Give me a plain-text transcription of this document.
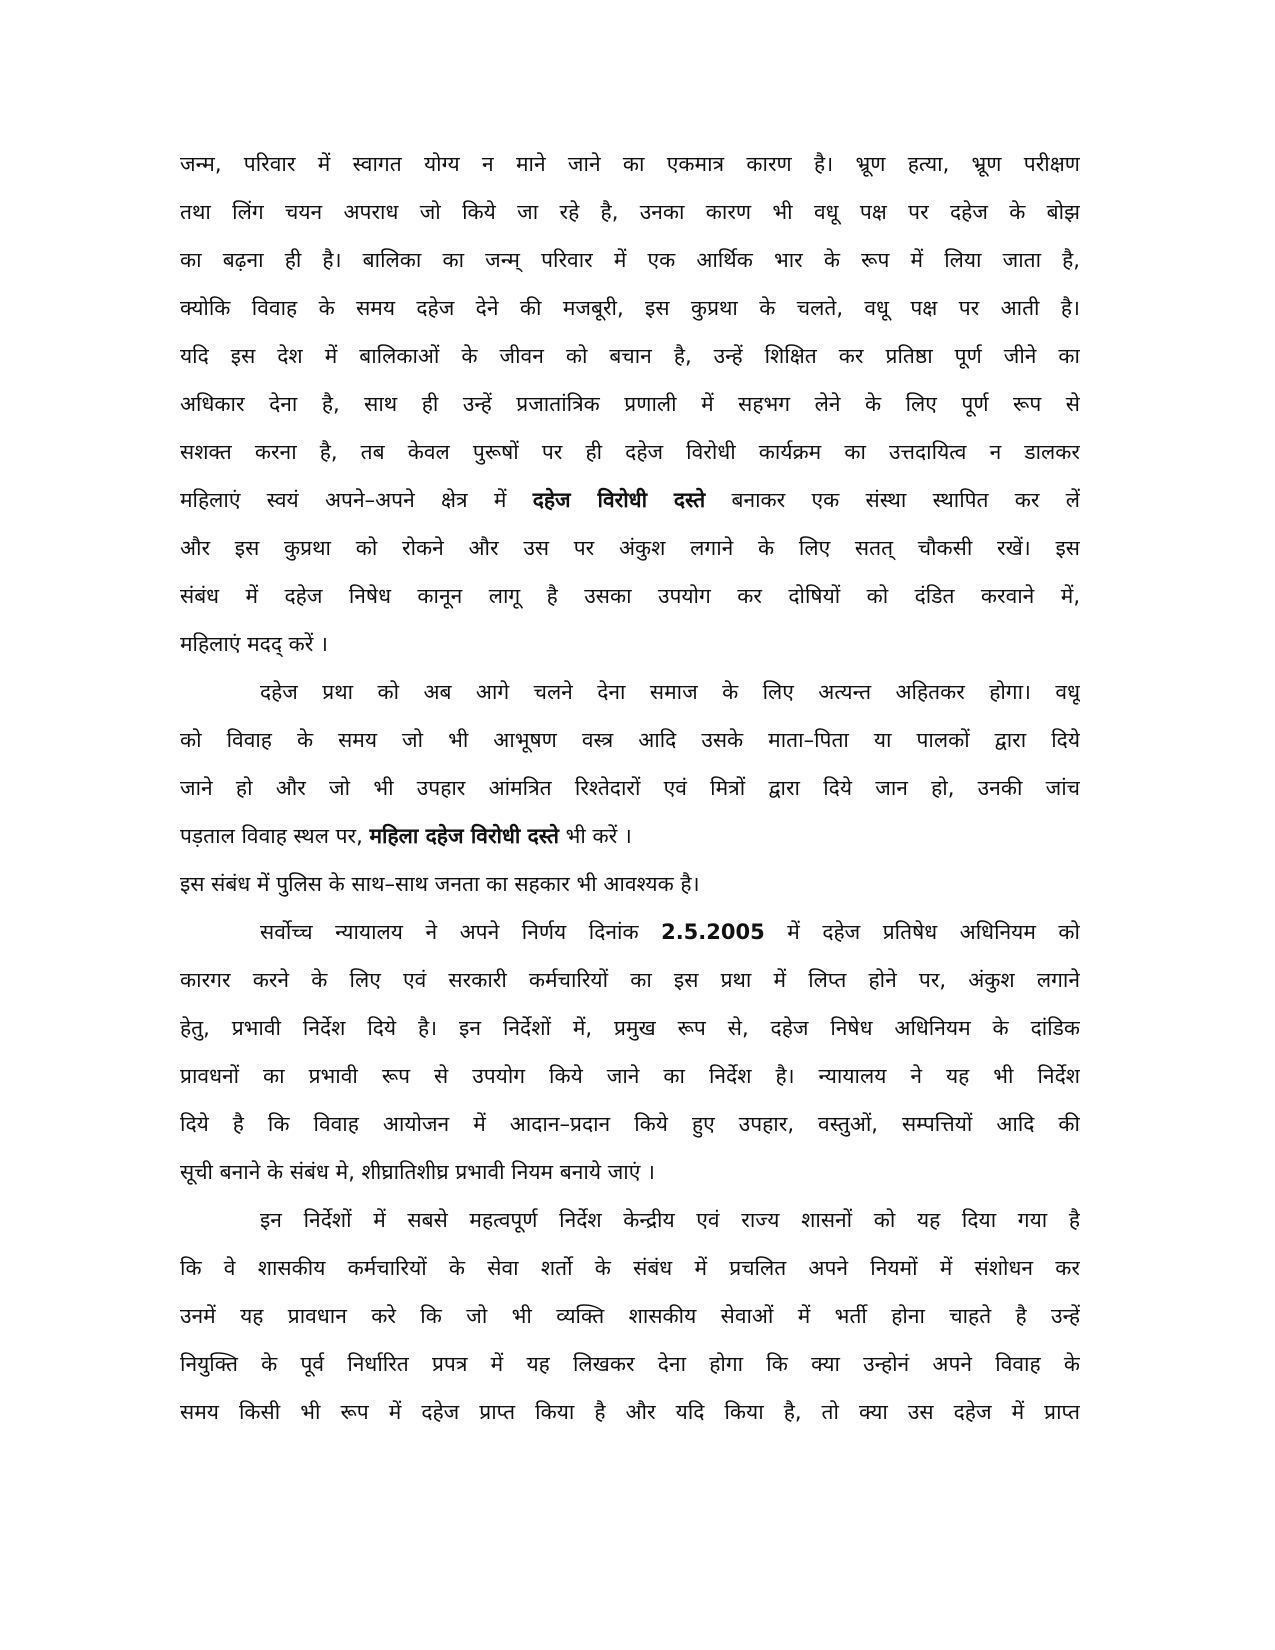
जन्म, परिवार में स्वागत योग्य न माने जाने का एकमात्र कारण है। भ्रूण हत्या, भ्रूण परीक्षण
तथा लिंग चयन अपराध जो किये जा रहे है, उनका कारण भी वधू पक्ष पर दहेज के बोझ
का बढ़ना ही है। बालिका का जन्म् परिवार में एक आर्थिक भार के रूप में लिया जाता है,
क्योकि विवाह के समय दहेज देने की मजबूरी, इस कुप्रथा के चलते, वधू पक्ष पर आती है।
यदि इस देश में बालिकाओं के जीवन को बचान है, उन्हें शिक्षित कर प्रतिष्ठा पूर्ण जीने का
अधिकार देना है, साथ ही उन्हें प्रजातांत्रिक प्रणाली में सहभग लेने के लिए पूर्ण रूप से
सशक्त करना है, तब केवल पुरूषों पर ही दहेज विरोधी कार्यक्रम का उत्तदायित्व न डालकर
महिलाएं स्वयं अपने–अपने क्षेत्र में दहेज विरोधी दस्ते बनाकर एक संस्था स्थापित कर लें
और इस कुप्रथा को रोकने और उस पर अंकुश लगाने के लिए सतत् चौकसी रखें। इस
संबंध में दहेज निषेध कानून लागू है उसका उपयोग कर दोषियों को दंडित करवाने में,
महिलाएं मदद् करें ।
दहेज प्रथा को अब आगे चलने देना समाज के लिए अत्यन्त अहितकर होगा। वधू
को विवाह के समय जो भी आभूषण वस्त्र आदि उसके माता–पिता या पालकों द्वारा दिये
जाने हो और जो भी उपहार आंमत्रित रिश्तेदारों एवं मित्रों द्वारा दिये जान हो, उनकी जांच
पड़ताल विवाह स्थल पर, महिला दहेज विरोधी दस्ते भी करें ।
इस संबंध में पुलिस के साथ–साथ जनता का सहकार भी आवश्यक है।
सर्वोच्च न्यायालय ने अपने निर्णय दिनांक 2.5.2005 में दहेज प्रतिषेध अधिनियम को
कारगर करने के लिए एवं सरकारी कर्मचारियों का इस प्रथा में लिप्त होने पर, अंकुश लगाने
हेतु, प्रभावी निर्देश दिये है। इन निर्देशों में, प्रमुख रूप से, दहेज निषेध अधिनियम के दांडिक
प्रावधनों का प्रभावी रूप से उपयोग किये जाने का निर्देश है। न्यायालय ने यह भी निर्देश
दिये है कि विवाह आयोजन में आदान–प्रदान किये हुए उपहार, वस्तुओं, सम्पत्तियों आदि की
सूची बनाने के संबंध मे, शीघ्रातिशीघ्र प्रभावी नियम बनाये जाएं ।
इन निर्देशों में सबसे महत्वपूर्ण निर्देश केन्द्रीय एवं राज्य शासनों को यह दिया गया है
कि वे शासकीय कर्मचारियों के सेवा शर्तो के संबंध में प्रचलित अपने नियमों में संशोधन कर
उनमें यह प्रावधान करे कि जो भी व्यक्ति शासकीय सेवाओं में भर्ती होना चाहते है उन्हें
नियुक्ति के पूर्व निर्धारित प्रपत्र में यह लिखकर देना होगा कि क्या उन्होनं अपने विवाह के
समय किसी भी रूप में दहेज प्राप्त किया है और यदि किया है, तो क्या उस दहेज में प्राप्त
